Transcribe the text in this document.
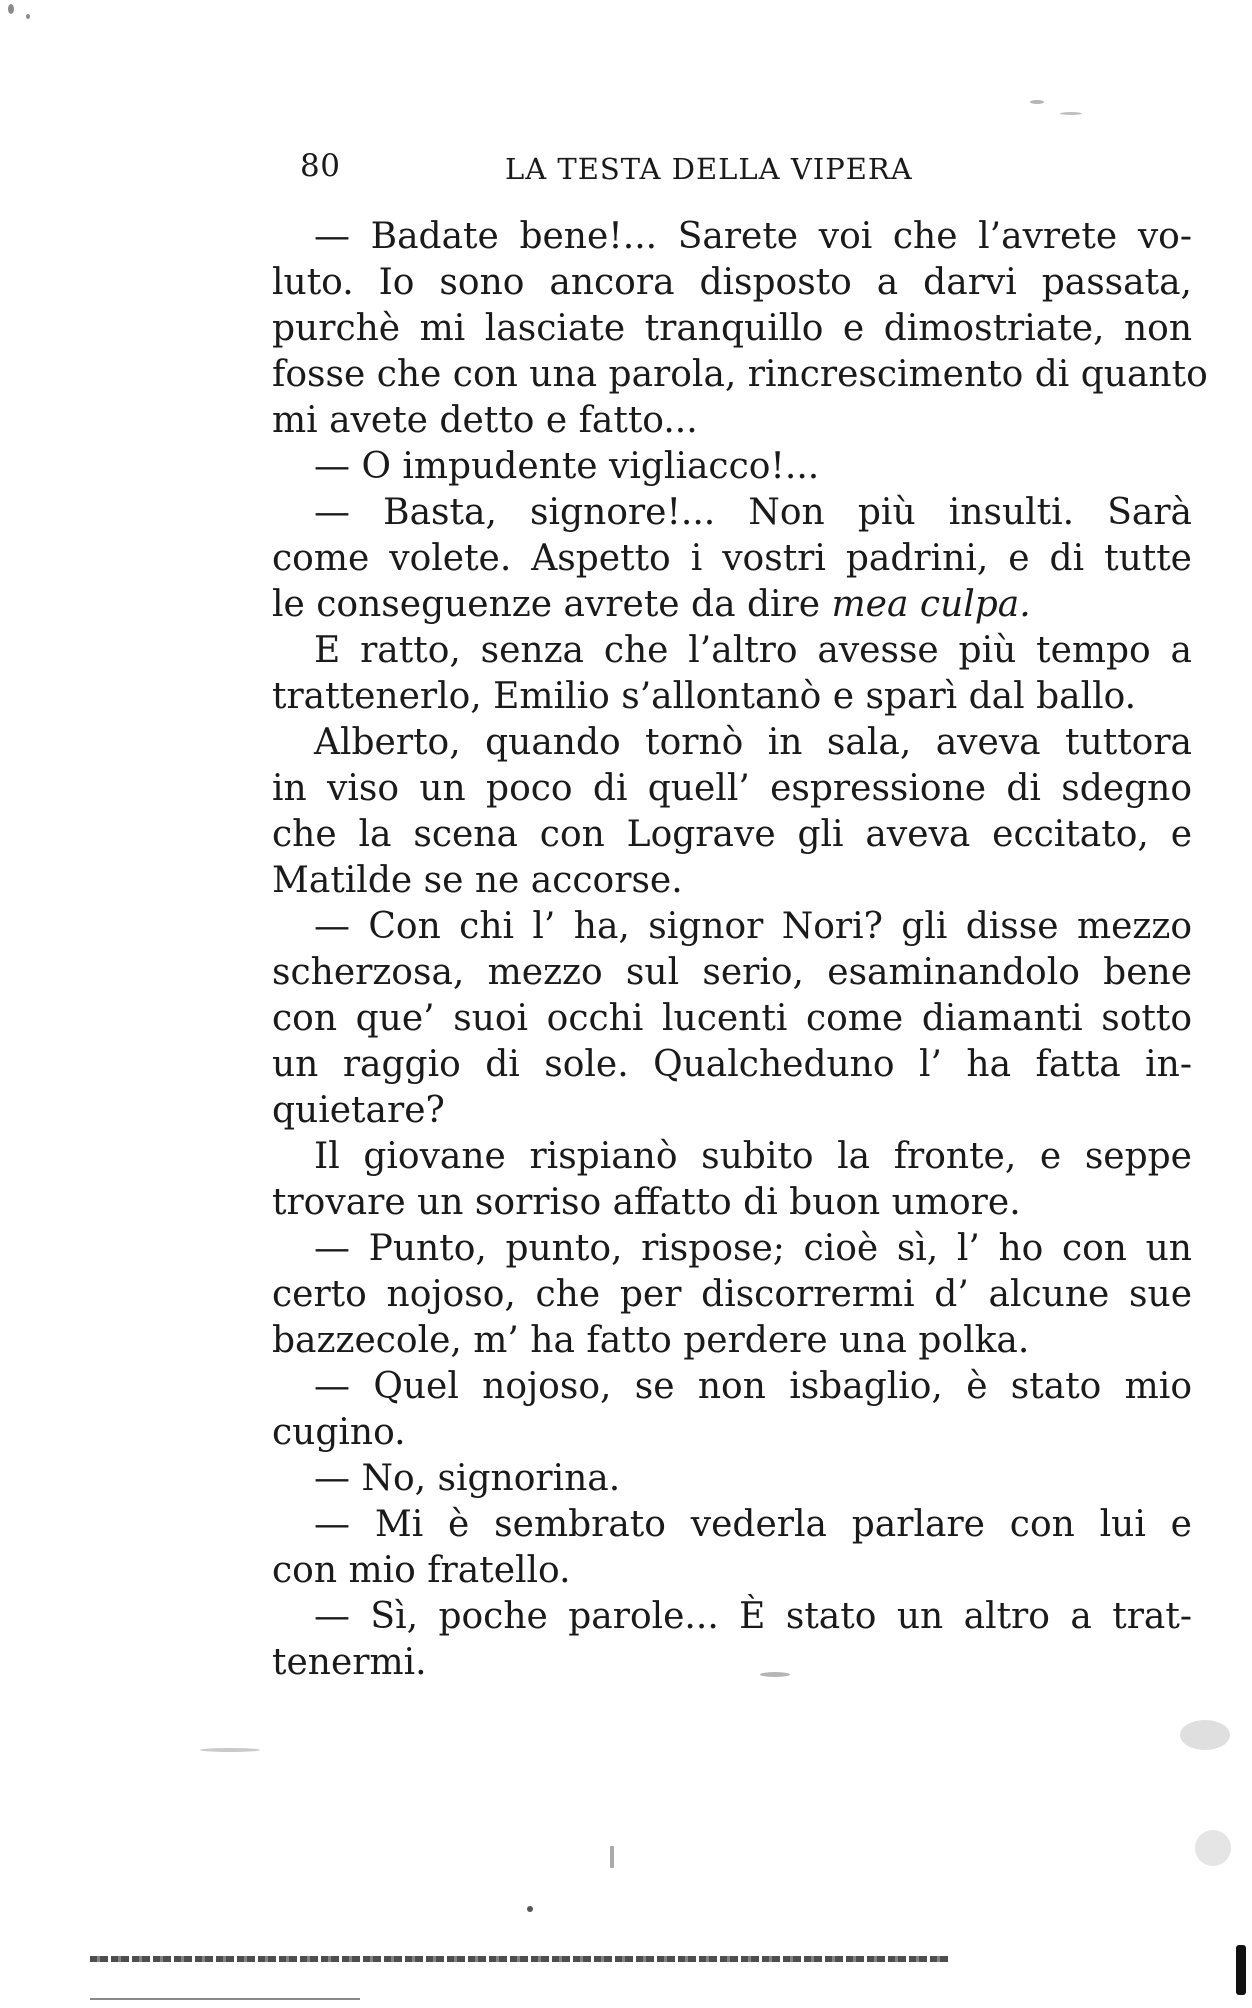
80	LA TESTA DELLA VIPERA
— Badate bene!... Sarete voi che l’avrete vo-
luto. Io sono ancora disposto a darvi passata,
purchè mi lasciate tranquillo e dimostriate, non
fosse che con una parola, rincrescimento di quanto
mi avete detto e fatto...
— O impudente vigliacco!...
— Basta, signore!... Non più insulti. Sarà
come volete. Aspetto i vostri padrini, e di tutte
le conseguenze avrete da dire mea culpa.
E ratto, senza che l’altro avesse più tempo a
trattenerlo, Emilio s’allontanò e sparì dal ballo.
Alberto, quando tornò in sala, aveva tuttora
in viso un poco di quell’ espressione di sdegno
che la scena con Lograve gli aveva eccitato, e
Matilde se ne accorse.
— Con chi l’ ha, signor Nori? gli disse mezzo
scherzosa, mezzo sul serio, esaminandolo bene
con que’ suoi occhi lucenti come diamanti sotto
un raggio di sole. Qualcheduno l’ ha fatta in-
quietare?
Il giovane rispianò subito la fronte, e seppe
trovare un sorriso affatto di buon umore.
— Punto, punto, rispose; cioè sì, l’ ho con un
certo nojoso, che per discorrermi d’ alcune sue
bazzecole, m’ ha fatto perdere una polka.
— Quel nojoso, se non isbaglio, è stato mio
cugino.
— No, signorina.
— Mi è sembrato vederla parlare con lui e
con mio fratello.
— Sì, poche parole... È stato un altro a trat-
tenermi.
